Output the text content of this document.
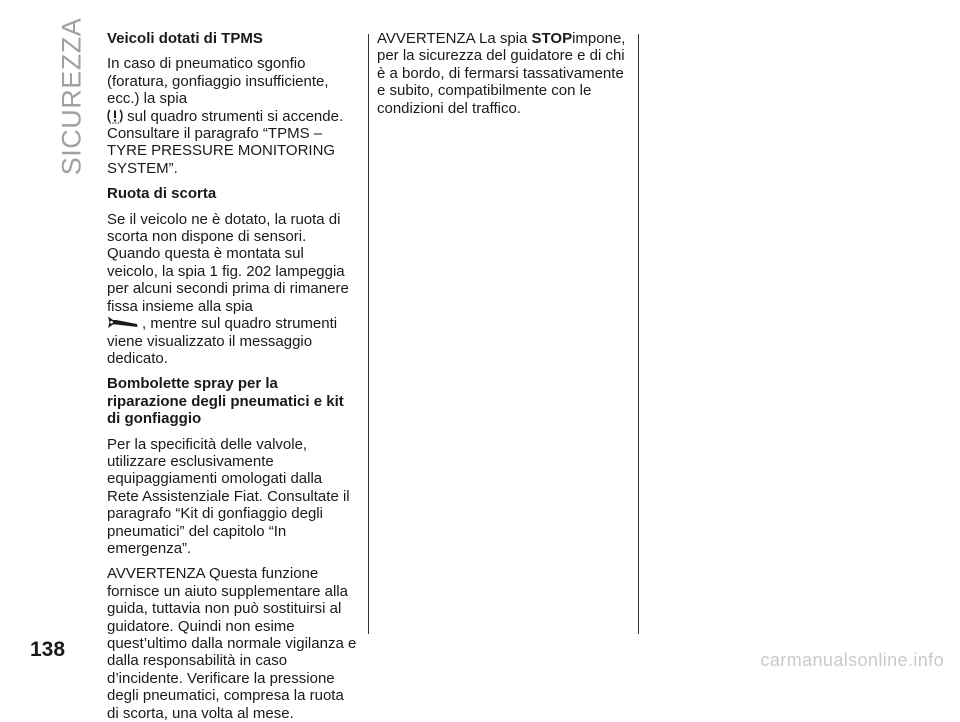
SICUREZZA Veicoli dotati di TPMS

In caso di pneumatico sgonfio (foratura, gonfiaggio insufficiente, ecc.) la spia
sul quadro strumenti si accende. Consultare il paragrafo “TPMS – TYRE PRESSURE MONITORING SYSTEM”.

Ruota di scorta

Se il veicolo ne è dotato, la ruota di scorta non dispone di sensori. Quando questa è montata sul veicolo, la spia 1 fig. 202 lampeggia per alcuni secondi prima di rimanere fissa insieme alla spia
, mentre sul quadro strumenti viene visualizzato il messaggio dedicato.

Bombolette spray per la riparazione degli pneumatici e kit di gonfiaggio

Per la specificità delle valvole, utilizzare esclusivamente equipaggiamenti omologati dalla Rete Assistenziale Fiat. Consultate il paragrafo “Kit di gonfiaggio degli pneumatici” del capitolo “In emergenza”.

AVVERTENZA Questa funzione fornisce un aiuto supplementare alla guida, tuttavia non può sostituirsi al guidatore. Quindi non esime quest’ultimo dalla normale vigilanza e dalla responsabilità in caso d’incidente. Verificare la pressione degli pneumatici, compresa la ruota di scorta, una volta al mese.

AVVERTENZA La spia STOPimpone, per la sicurezza del guidatore e di chi è a bordo, di fermarsi tassativamente e subito, compatibilmente con le condizioni del traffico.

138	carmanualsonline.info
